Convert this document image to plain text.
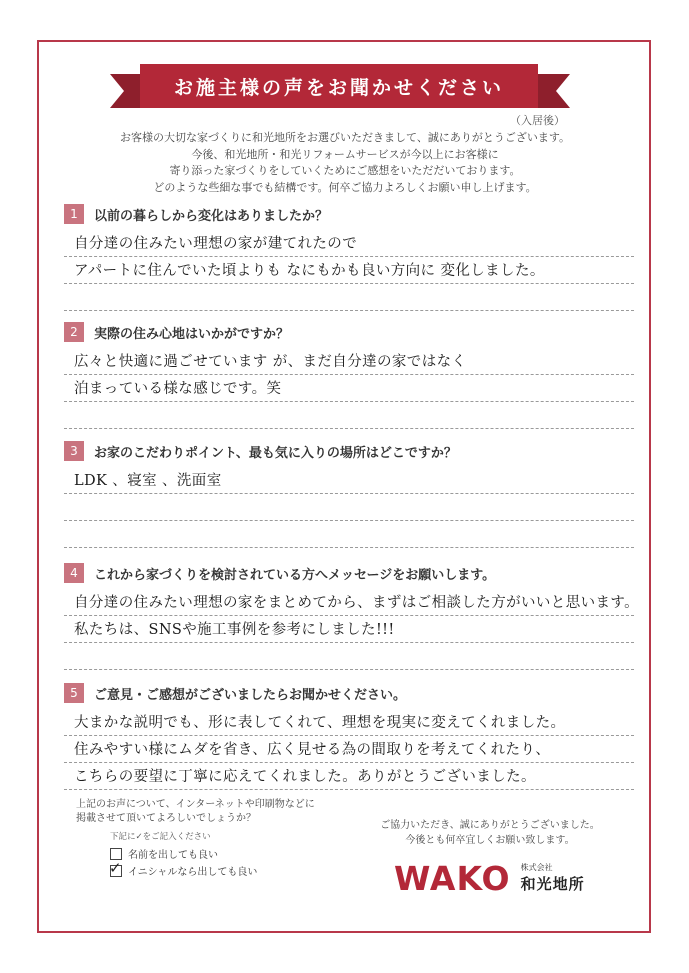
お施主様の声をお聞かせください
（入居後）
お客様の大切な家づくりに和光地所をお選びいただきまして、誠にありがとうございます。
今後、和光地所・和光リフォームサービスが今以上にお客様に
寄り添った家づくりをしていくためにご感想をいただだいております。
どのような些細な事でも結構です。何卒ご協力よろしくお願い申し上げます。
1	以前の暮らしから変化はありましたか？
自分達の住みたい理想の家が建てれたので
アパートに住んでいた頃よりも なにもかも良い方向に 変化しました。
2	実際の住み心地はいかがですか？
広々と快適に過ごせています が、まだ自分達の家ではなく
泊まっている様な感じです。笑
3	お家のこだわりポイント、最も気に入りの場所はどこですか？
LDK 、寝室 、洗面室
4	これから家づくりを検討されている方へメッセージをお願いします。
自分達の住みたい理想の家をまとめてから、まずはご相談した方がいいと思います。
私たちは、SNSや施工事例を参考にしました!!!
5	ご意見・ご感想がございましたらお聞かせください。
大まかな説明でも、形に表してくれて、理想を現実に変えてくれました。
住みやすい様にムダを省き、広く見せる為の間取りを考えてくれたり、
こちらの要望に丁寧に応えてくれました。ありがとうございました。
上記のお声について、インターネットや印刷物などに
掲載させて頂いてよろしいでしょうか？
下記に✓をご記入ください
名前を出しても良い
✓ イニシャルなら出しても良い
ご協力いただき、誠にありがとうございました。
今後とも何卒宜しくお願い致します。
WAKO 株式会社
和光地所
